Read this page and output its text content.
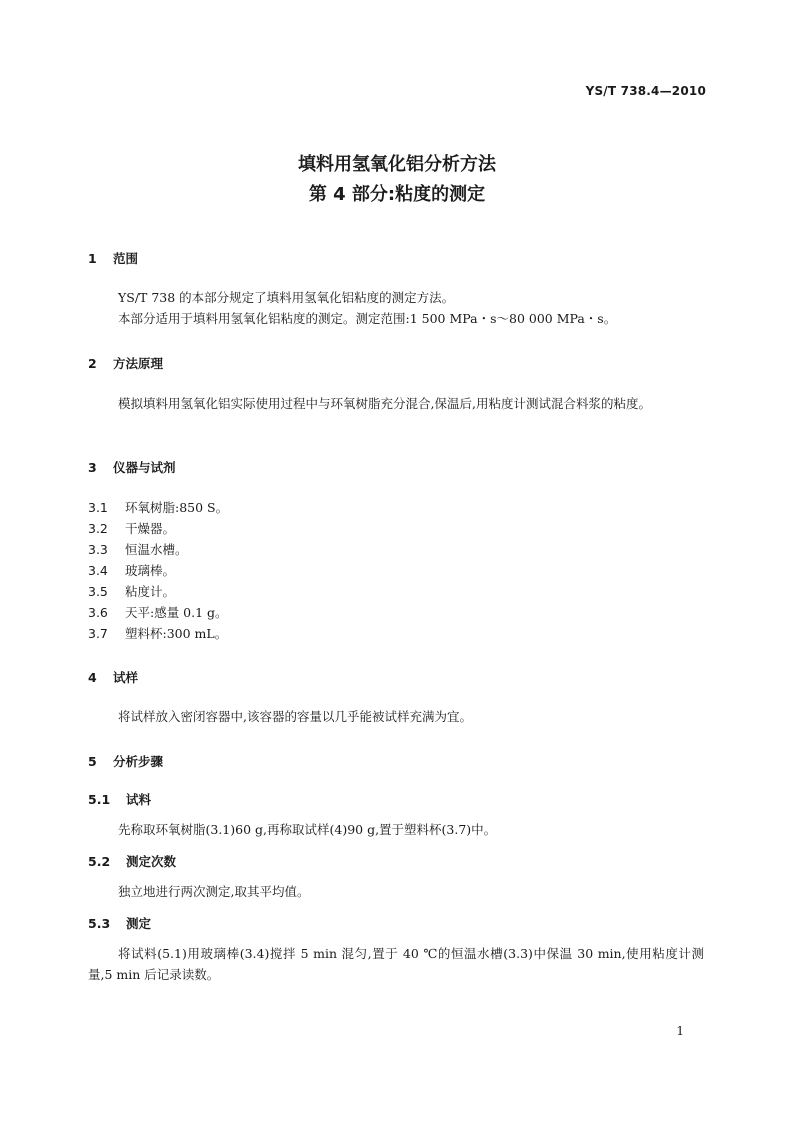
YS/T 738.4—2010
填料用氢氧化铝分析方法
第 4 部分:粘度的测定
1 范围
YS/T 738 的本部分规定了填料用氢氧化铝粘度的测定方法。
本部分适用于填料用氢氧化铝粘度的测定。测定范围:1 500 MPa・s～80 000 MPa・s。
2 方法原理
模拟填料用氢氧化铝实际使用过程中与环氧树脂充分混合,保温后,用粘度计测试混合料浆的粘度。
3 仪器与试剂
3.1 环氧树脂:850 S。
3.2 干燥器。
3.3 恒温水槽。
3.4 玻璃棒。
3.5 粘度计。
3.6 天平:感量 0.1 g。
3.7 塑料杯:300 mL。
4 试样
将试样放入密闭容器中,该容器的容量以几乎能被试样充满为宜。
5 分析步骤
5.1 试料
先称取环氧树脂(3.1)60 g,再称取试样(4)90 g,置于塑料杯(3.7)中。
5.2 测定次数
独立地进行两次测定,取其平均值。
5.3 测定
将试料(5.1)用玻璃棒(3.4)搅拌 5 min 混匀,置于 40 ℃的恒温水槽(3.3)中保温 30 min,使用粘度计测量,5 min 后记录读数。
1
